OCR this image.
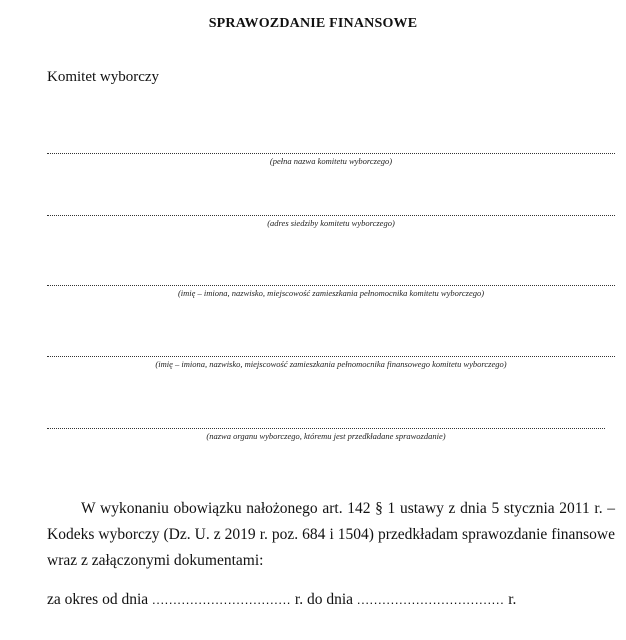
SPRAWOZDANIE FINANSOWE
Komitet wyborczy
(pełna nazwa komitetu wyborczego)
(adres siedziby komitetu wyborczego)
(imię – imiona, nazwisko, miejscowość zamieszkania pełnomocnika komitetu wyborczego)
(imię – imiona, nazwisko, miejscowość zamieszkania pełnomocnika finansowego komitetu wyborczego)
(nazwa organu wyborczego, któremu jest przedkładane sprawozdanie)
W wykonaniu obowiązku nałożonego art. 142 § 1 ustawy z dnia 5 stycznia 2011 r. – Kodeks wyborczy (Dz. U. z 2019 r. poz. 684 i 1504) przedkładam sprawozdanie finansowe wraz z załączonymi dokumentami:
za okres od dnia ................................. r. do dnia ................................... r.
